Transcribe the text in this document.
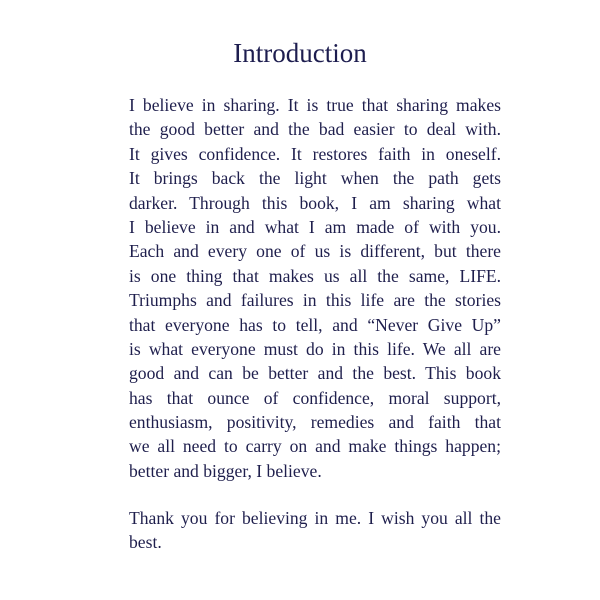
Introduction
I believe in sharing. It is true that sharing makes
the good better and the bad easier to deal with.
It gives confidence. It restores faith in oneself.
It brings back the light when the path gets
darker. Through this book, I am sharing what
I believe in and what I am made of with you.
Each and every one of us is different, but there
is one thing that makes us all the same, LIFE.
Triumphs and failures in this life are the stories
that everyone has to tell, and “Never Give Up”
is what everyone must do in this life. We all are
good and can be better and the best. This book
has that ounce of confidence, moral support,
enthusiasm, positivity, remedies and faith that
we all need to carry on and make things happen;
better and bigger, I believe.
Thank you for believing in me. I wish you all the
best.
